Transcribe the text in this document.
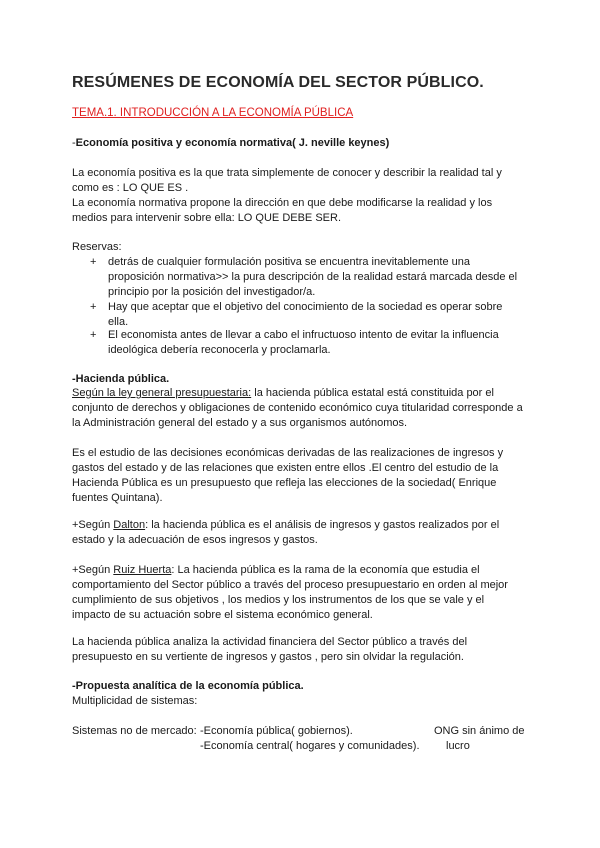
RESÚMENES DE ECONOMÍA DEL SECTOR PÚBLICO.
TEMA.1. INTRODUCCIÓN A LA ECONOMÍA PÚBLICA
-Economía positiva y economía normativa( J. neville keynes)
La economía positiva es la que trata simplemente de conocer y describir la realidad tal y
como es : LO QUE ES .
La economía normativa propone la dirección en que debe modificarse la realidad y los
medios para intervenir sobre ella: LO QUE DEBE SER.
Reservas:
+ detrás de cualquier formulación positiva se encuentra inevitablemente una
proposición normativa>> la pura descripción de la realidad estará marcada desde el
principio por la posición del investigador/a.
+ Hay que aceptar que el objetivo del conocimiento de la sociedad es operar sobre
ella.
+ El economista antes de llevar a cabo el infructuoso intento de evitar la influencia
ideológica debería reconocerla y proclamarla.
-Hacienda pública.
Según la ley general presupuestaria: la hacienda pública estatal está constituida por el
conjunto de derechos y obligaciones de contenido económico cuya titularidad corresponde a
la Administración general del estado y a sus organismos autónomos.
Es el estudio de las decisiones económicas derivadas de las realizaciones de ingresos y
gastos del estado y de las relaciones que existen entre ellos .El centro del estudio de la
Hacienda Pública es un presupuesto que refleja las elecciones de la sociedad( Enrique
fuentes Quintana).
+Según Dalton: la hacienda pública es el análisis de ingresos y gastos realizados por el
estado y la adecuación de esos ingresos y gastos.
+Según Ruiz Huerta: La hacienda pública es la rama de la economía que estudia el
comportamiento del Sector público a través del proceso presupuestario en orden al mejor
cumplimiento de sus objetivos , los medios y los instrumentos de los que se vale y el
impacto de su actuación sobre el sistema económico general.
La hacienda pública analiza la actividad financiera del Sector público a través del
presupuesto en su vertiente de ingresos y gastos , pero sin olvidar la regulación.
-Propuesta analítica de la economía pública.
Multiplicidad de sistemas:
Sistemas no de mercado: -Economía pública( gobiernos).
-Economía central( hogares y comunidades).
ONG sin ánimo de
lucro
